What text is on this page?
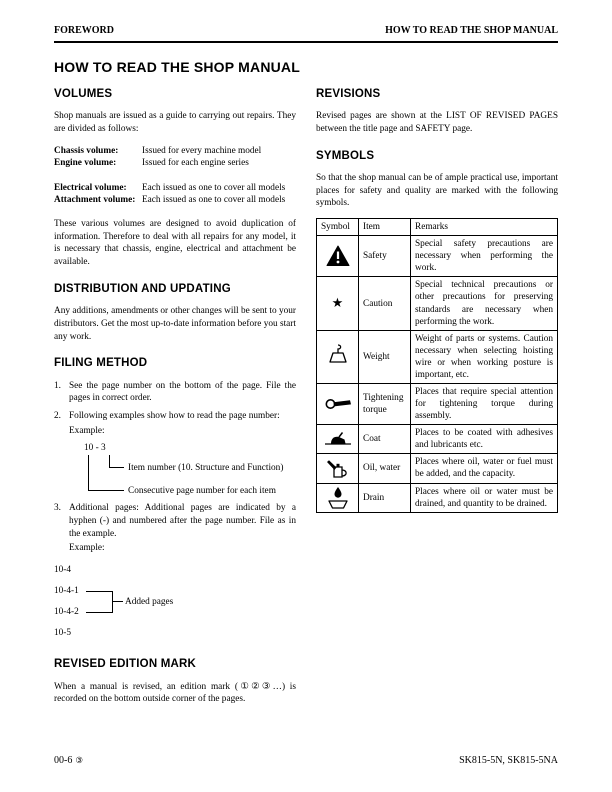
FOREWORD	HOW TO READ THE SHOP MANUAL
HOW TO READ THE SHOP MANUAL
VOLUMES

Shop manuals are issued as a guide to carrying out repairs. They are divided as follows:

Chassis volume:	Issued for every machine model
Engine volume:	Issued for each engine series
Electrical volume:	Each issued as one to cover all models
Attachment volume: Each issued as one to cover all models

These various volumes are designed to avoid duplication of information. Therefore to deal with all repairs for any model, it is necessary that chassis, engine, electrical and attachment be available.

DISTRIBUTION AND UPDATING

Any additions, amendments or other changes will be sent to your distributors. Get the most up-to-date information before you start any work.

FILING METHOD
1. See the page number on the bottom of the page. File the pages in correct order.
2. Following examples show how to read the page number:
Example:
10 - 3
Item number (10. Structure and Function)
Consecutive page number for each item
3. Additional pages: Additional pages are indicated by a hyphen (-) and numbered after the page number. File as in the example.
Example:
10-4
10-4-1
10-4-2
10-5
Added pages
REVISED EDITION MARK

When a manual is revised, an edition mark (①②③…) is recorded on the bottom outside corner of the pages.

REVISIONS

Revised pages are shown at the LIST OF REVISED PAGES between the title page and SAFETY page.

SYMBOLS

So that the shop manual can be of ample practical use, important places for safety and quality are marked with the following symbols.

Symbol	Item	Remarks

	Safety	Special safety precautions are necessary when performing the work.
★	Caution	Special technical precautions or other precautions for preserving standards are necessary when performing the work.

	Weight	Weight of parts or systems. Caution necessary when selecting hoisting wire or when working posture is important, etc.

	Tightening torque	Places that require special attention for tightening torque during assembly.

	Coat	Places to be coated with adhesives and lubricants etc.

	Oil, water	Places where oil, water or fuel must be added, and the capacity.

	Drain	Places where oil or water must be drained, and quantity to be drained.
00-6 ③	SK815-5N, SK815-5NA
